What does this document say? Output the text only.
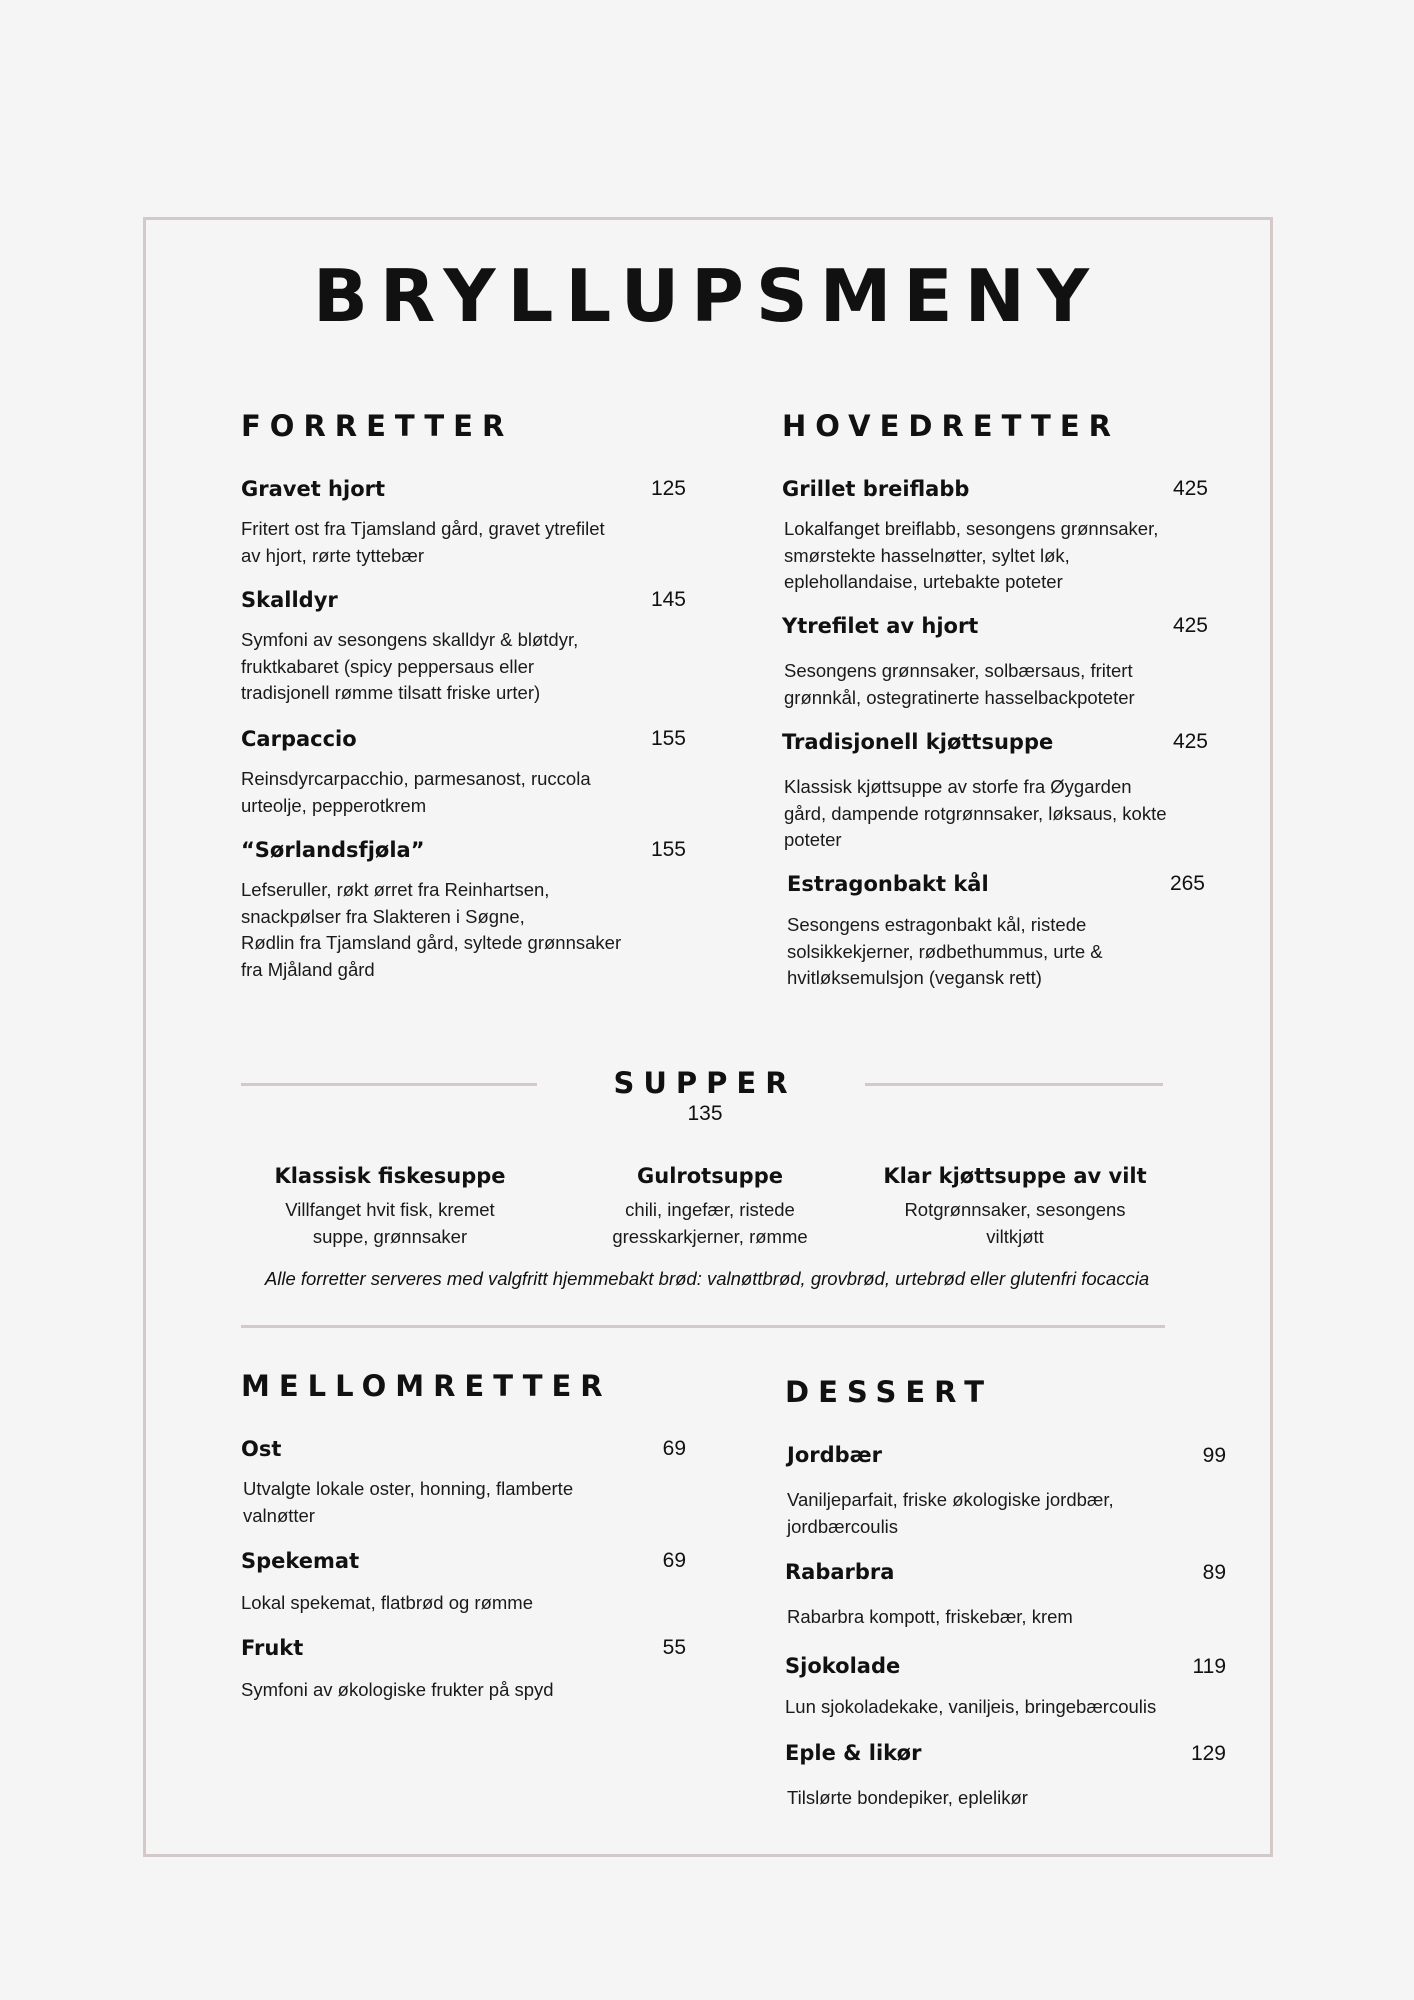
BRYLLUPSMENY
FORRETTER

Gravet hjort	125

Fritert ost fra Tjamsland gård, gravet ytrefilet
av hjort, rørte tyttebær

Skalldyr	145

Symfoni av sesongens skalldyr & bløtdyr,
fruktkabaret (spicy peppersaus eller
tradisjonell rømme tilsatt friske urter)

Carpaccio	155

Reinsdyrcarpacchio, parmesanost, ruccola
urteolje, pepperotkrem

“Sørlandsfjøla”	155

Lefseruller, røkt ørret fra Reinhartsen,
snackpølser fra Slakteren i Søgne,
Rødlin fra Tjamsland gård, syltede grønnsaker
fra Mjåland gård

HOVEDRETTER

Grillet breiflabb	425

Lokalfanget breiflabb, sesongens grønnsaker,
smørstekte hasselnøtter, syltet løk,
eplehollandaise, urtebakte poteter

Ytrefilet av hjort	425

Sesongens grønnsaker, solbærsaus, fritert
grønnkål, ostegratinerte hasselbackpoteter

Tradisjonell kjøttsuppe	425

Klassisk kjøttsuppe av storfe fra Øygarden
gård, dampende rotgrønnsaker, løksaus, kokte
poteter

Estragonbakt kål	265

Sesongens estragonbakt kål, ristede
solsikkekjerner, rødbethummus, urte &
hvitløksemulsjon (vegansk rett)

SUPPER

135

Klassisk fiskesuppe

Villfanget hvit fisk, kremet
suppe, grønnsaker

Gulrotsuppe

chili, ingefær, ristede
gresskarkjerner, rømme

Klar kjøttsuppe av vilt

Rotgrønnsaker, sesongens
viltkjøtt

Alle forretter serveres med valgfritt hjemmebakt brød: valnøttbrød, grovbrød, urtebrød eller glutenfri focaccia

MELLOMRETTER

Ost	69

Utvalgte lokale oster, honning, flamberte
valnøtter

Spekemat	69

Lokal spekemat, flatbrød og rømme

Frukt	55

Symfoni av økologiske frukter på spyd

DESSERT

Jordbær	99

Vaniljeparfait, friske økologiske jordbær,
jordbærcoulis

Rabarbra	89

Rabarbra kompott, friskebær, krem

Sjokolade	119

Lun sjokoladekake, vaniljeis, bringebærcoulis

Eple & likør	129

Tilslørte bondepiker, eplelikør
